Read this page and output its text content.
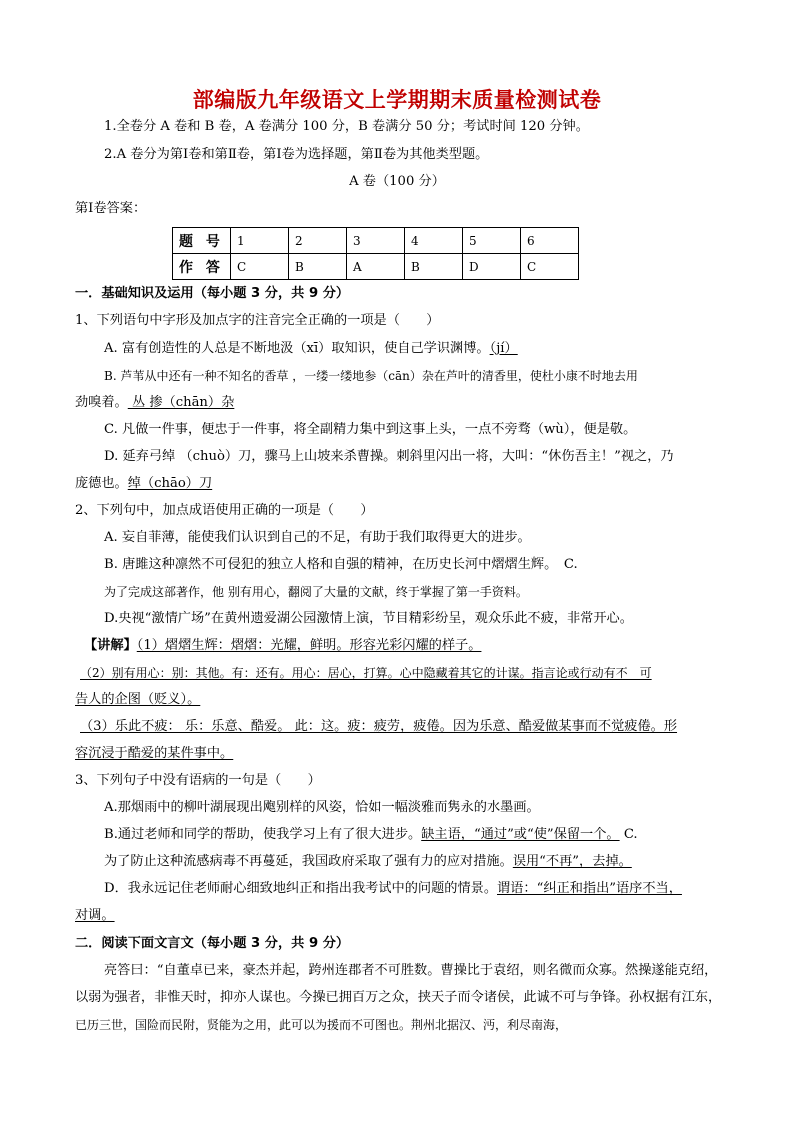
部编版九年级语文上学期期末质量检测试卷
1.全卷分 A 卷和 B 卷，A 卷满分 100 分，B 卷满分 50 分；考试时间 120 分钟。
2.A 卷分为第Ⅰ卷和第Ⅱ卷，第Ⅰ卷为选择题，第Ⅱ卷为其他类型题。
A 卷（100 分）
第Ⅰ卷答案：
题 号	1	2	3	4	5	6
作 答	C	B	A	B	D	C
一．基础知识及运用（每小题 3 分，共 9 分）
1、下列语句中字形及加点字的注音完全正确的一项是（　　）
A. 富有创造性的人总是不断地汲（xī）取知识，使自己学识渊博。（jí）
B. 芦苇从中还有一种不知名的香草 ，一缕一缕地参（cān）杂在芦叶的清香里，使杜小康不时地去用
劲嗅着。 丛 掺（chān）杂
C. 凡做一件事，便忠于一件事，将全副精力集中到这事上头，一点不旁骛（wù），便是敬。
D. 延弃弓绰 （chuò）刀，骤马上山坡来杀曹操。刺斜里闪出一将，大叫：“休伤吾主！”视之，乃
庞德也。绰（chāo）刀
2、下列句中，加点成语使用正确的一项是（　　）
A. 妄自菲薄，能使我们认识到自己的不足，有助于我们取得更大的进步。
B. 唐雎这种凛然不可侵犯的独立人格和自强的精神，在历史长河中熠熠生辉。　C.
为了完成这部著作，他 别有用心，翻阅了大量的文献，终于掌握了第一手资料。
D.央视“激情广场”在黄州遗爱湖公园激情上演，节目精彩纷呈，观众乐此不疲，非常开心。
【讲解】（1）熠熠生辉：熠熠：光耀，鲜明。形容光彩闪耀的样子。
（2）别有用心：别：其他。有：还有。用心：居心，打算。心中隐藏着其它的计谋。指言论或行动有不　可
告人的企图（贬义）。
（3）乐此不疲： 乐：乐意、酷爱。 此：这。疲：疲劳，疲倦。因为乐意、酷爱做某事而不觉疲倦。形
容沉浸于酷爱的某件事中。
3、下列句子中没有语病的一句是（　　）
A.那烟雨中的柳叶湖展现出飑别样的风姿，恰如一幅淡雅而隽永的水墨画。
B.通过老师和同学的帮助，使我学习上有了很大进步。缺主语，“通过”或“使”保留一个。 C.
为了防止这种流感病毒不再蔓延，我国政府采取了强有力的应对措施。误用“不再”，去掉。
D．我永远记住老师耐心细致地纠正和指出我考试中的问题的情景。谓语：“纠正和指出”语序不当，
对调。
二．阅读下面文言文（每小题 3 分，共 9 分）
亮答曰：“自董卓已来，豪杰并起，跨州连郡者不可胜数。曹操比于袁绍，则名微而众寡。然操遂能克绍，
以弱为强者，非惟天时，抑亦人谋也。今操已拥百万之众，挟天子而令诸侯，此诚不可与争锋。孙权据有江东，
已历三世，国险而民附，贤能为之用，此可以为援而不可图也。荆州北据汉、沔，利尽南海，
